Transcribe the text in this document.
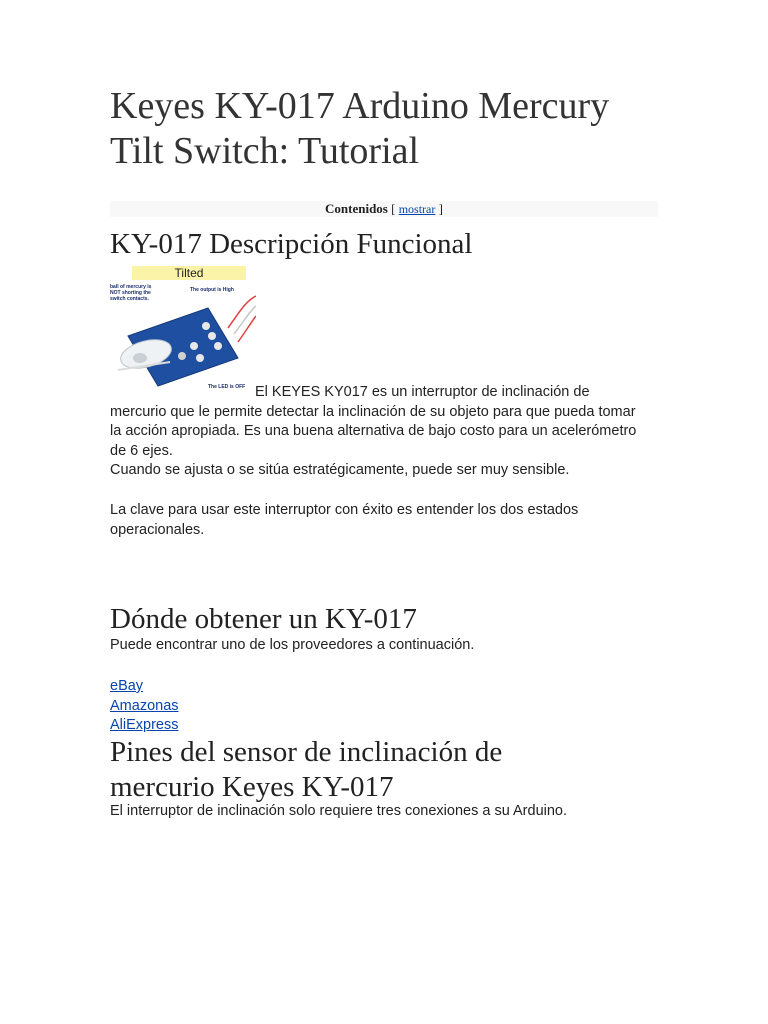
Keyes KY-017 Arduino Mercury Tilt Switch: Tutorial
Contenidos [ mostrar ]
KY-017 Descripción Funcional
Tilted
ball of mercury is NOT shorting the switch contacts.
The output is High
The LED is OFF El KEYES KY017 es un interruptor de inclinación de mercurio que le permite detectar la inclinación de su objeto para que pueda tomar la acción apropiada. Es una buena alternativa de bajo costo para un acelerómetro de 6 ejes.
Cuando se ajusta o se sitúa estratégicamente, puede ser muy sensible.

La clave para usar este interruptor con éxito es entender los dos estados operacionales.

Dónde obtener un KY-017

Puede encontrar uno de los proveedores a continuación.

eBay
Amazonas
AliExpress

Pines del sensor de inclinación de mercurio Keyes KY-017

El interruptor de inclinación solo requiere tres conexiones a su Arduino.
